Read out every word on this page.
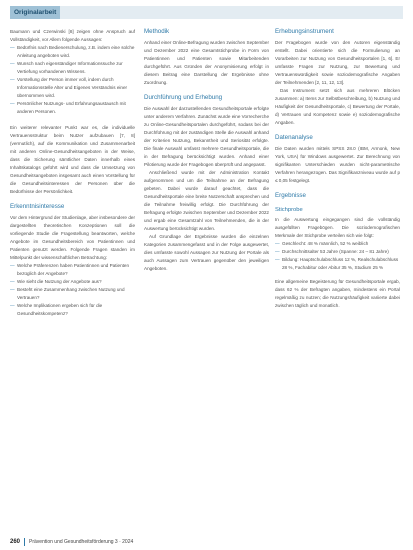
Originalarbeit

Baumann und Czerwinski [8] zeigen ohne Anspruch auf Vollständigkeit, vor Allem folgende Aussagen:

— Bedürfnis nach Bedienerschulung, z.B. indem eine solche Anleitung angeboten wird.
— Wunsch nach eigenständiger Informationssuche zur Vertiefung vorhandenen Wissens.
— Vorstellung der Person immer voll, indem durch Informationsstelle Alter und Eigenes Verständnis einer übernommen wird.
— Persönlicher Nutzungs- und Erfahrungsaustausch mit anderen Personen.

Ein weiterer relevanter Punkt war es, die individuelle Vertrauensstruktur beim Nutzer aufzubauen [7, 8] (vermutlich), auf die Kommunikation und Zusammenarbeit mit anderen Online-Gesundheitsangeboten in der Weise, dass die Sicherung sämtlicher Daten innerhalb eines Inhaltskatalogs geführt wird und dass die Umsetzung von Gesundheitsangeboten insgesamt auch einen Vorstellung für die Gesundheitsinteressen der Personen über die Bedürfnisse der Persönlichkeit.

Erkenntnisinteresse

Vor dem Hintergrund der Studienlage, aber insbesondere der dargestellten theoretischen Konzeptionen soll die vorliegende Studie die Fragestellung beantworten, welche Angebote im Gesundheitsbereich von Patientinnen und Patienten genutzt werden. Folgende Fragen standen im Mittelpunkt der wissenschaftlichen Betrachtung:

— Welche Präferenzen haben Patientinnen und Patienten bezüglich der Angebote?
— Wie sieht die Nutzung der Angebote aus?
— Besteht eine Zusammenhang zwischen Nutzung und Vertrauen?
— Welche Implikationen ergeben sich für die Gesundheitskompetenz?
Methodik

Anhand einer Online-Befragung wurden zwischen September und Dezember 2022 eine Gesamtstichprobe in Form von Patientinnen und Patienten sowie Mitarbeitenden durchgeführt. Aus Gründen der Anonymisierung erfolgt in diesem Beitrag eine Darstellung der Ergebnisse ohne Zuordnung.

Durchführung und Erhebung

Die Auswahl der darzustellenden Gesundheitsportale erfolgte unter anderem Verfahren. Zunächst wurde eine Vorrecherche zu Online-Gesundheitsportalen durchgeführt, sodass bei der Durchführung mit der zuständigen Stelle die Auswahl anhand der Kriterien Nutzung, Bekanntheit und Seriosität erfolgte. Die finale Auswahl umfasst mehrere Gesundheitsportale, die in der Befragung berücksichtigt wurden. Anhand einer Pilotierung wurde der Fragebogen überprüft und angepasst.

Anschließend wurde mit der Administration Kontakt aufgenommen und um die Teilnahme an der Befragung gebeten. Dabei wurde darauf geachtet, dass die Gesundheitsportale eine breite Nutzerschaft ansprechen und die Teilnahme freiwillig erfolgt. Die Durchführung der Befragung erfolgte zwischen September und Dezember 2022 und ergab eine Gesamtzahl von Teilnehmenden, die in der Auswertung berücksichtigt wurden.

Auf Grundlage der Ergebnisse wurden die einzelnen Kategorien zusammengefasst und in der Folge ausgewertet, dies umfasste sowohl Aussagen zur Nutzung der Portale als auch Aussagen zum Vertrauen gegenüber den jeweiligen Angeboten.

Erhebungsinstrument

Der Fragebogen wurde von den Autoren eigenständig erstellt. Dabei orientierte sich die Formulierung an Vorarbeiten zur Nutzung von Gesundheitsportalen [1, 6]. Er umfasste Fragen zur Nutzung, zur Bewertung und Vertrauenswürdigkeit sowie soziodemografische Angaben der Teilnehmenden [2, 11, 12, 13].

Das Instrument setzt sich aus mehreren Blöcken zusammen: a) Items zur Selbstbeschreibung, b) Nutzung und Häufigkeit der Gesundheitsportale, c) Bewertung der Portale, d) Vertrauen und Kompetenz sowie e) soziodemografische Angaben.

Datenanalyse

Die Daten wurden mittels SPSS 28.0 (IBM, Armonk, New York, USA) für Windows ausgewertet. Zur Berechnung von signifikanten Unterschieden wurden nicht-parametrische Verfahren herangezogen. Das Signifikanzniveau wurde auf p ≤ 0,05 festgelegt.

Ergebnisse
Stichprobe

In die Auswertung eingegangen sind die vollständig ausgefüllten Fragebögen. Die soziodemografischen Merkmale der Stichprobe verteilen sich wie folgt:

— Geschlecht: 48 % männlich, 52 % weiblich
— Durchschnittsalter 53 Jahre (Spanne: 24 – 81 Jahre)
— Bildung: Hauptschulabschluss 12 %, Realschulabschluss 28 %, Fachabitur oder Abitur 35 %, Studium 25 %

Eine allgemeine Begeisterung für Gesundheitsportale ergab, dass 62 % der Befragten angaben, mindestens ein Portal regelmäßig zu nutzen; die Nutzungshäufigkeit variierte dabei zwischen täglich und monatlich.

260 Prävention und Gesundheitsförderung 3 · 2024
